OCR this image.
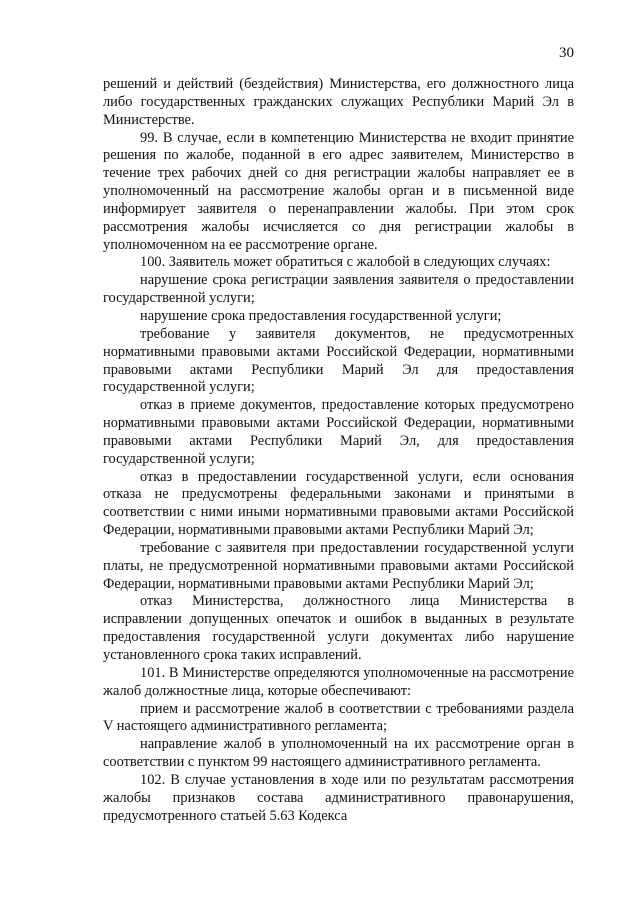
30

решений и действий (бездействия) Министерства, его должностного лица либо государственных гражданских служащих Республики Марий Эл в Министерстве.

99. В случае, если в компетенцию Министерства не входит принятие решения по жалобе, поданной в его адрес заявителем, Министерство в течение трех рабочих дней со дня регистрации жалобы направляет ее в уполномоченный на рассмотрение жалобы орган и в письменной виде информирует заявителя о перенаправлении жалобы. При этом срок рассмотрения жалобы исчисляется со дня регистрации жалобы в уполномоченном на ее рассмотрение органе.

100. Заявитель может обратиться с жалобой в следующих случаях:

нарушение срока регистрации заявления заявителя о предоставлении государственной услуги;

нарушение срока предоставления государственной услуги;

требование у заявителя документов, не предусмотренных нормативными правовыми актами Российской Федерации, нормативными правовыми актами Республики Марий Эл для предоставления государственной услуги;

отказ в приеме документов, предоставление которых предусмотрено нормативными правовыми актами Российской Федерации, нормативными правовыми актами Республики Марий Эл, для предоставления государственной услуги;

отказ в предоставлении государственной услуги, если основания отказа не предусмотрены федеральными законами и принятыми в соответствии с ними иными нормативными правовыми актами Российской Федерации, нормативными правовыми актами Республики Марий Эл;

требование с заявителя при предоставлении государственной услуги платы, не предусмотренной нормативными правовыми актами Российской Федерации, нормативными правовыми актами Республики Марий Эл;

отказ Министерства, должностного лица Министерства в исправлении допущенных опечаток и ошибок в выданных в результате предоставления государственной услуги документах либо нарушение установленного срока таких исправлений.

101. В Министерстве определяются уполномоченные на рассмотрение жалоб должностные лица, которые обеспечивают:

прием и рассмотрение жалоб в соответствии с требованиями раздела V настоящего административного регламента;

направление жалоб в уполномоченный на их рассмотрение орган в соответствии с пунктом 99 настоящего административного регламента.

102. В случае установления в ходе или по результатам рассмотрения жалобы признаков состава административного правонарушения, предусмотренного статьей 5.63 Кодекса
